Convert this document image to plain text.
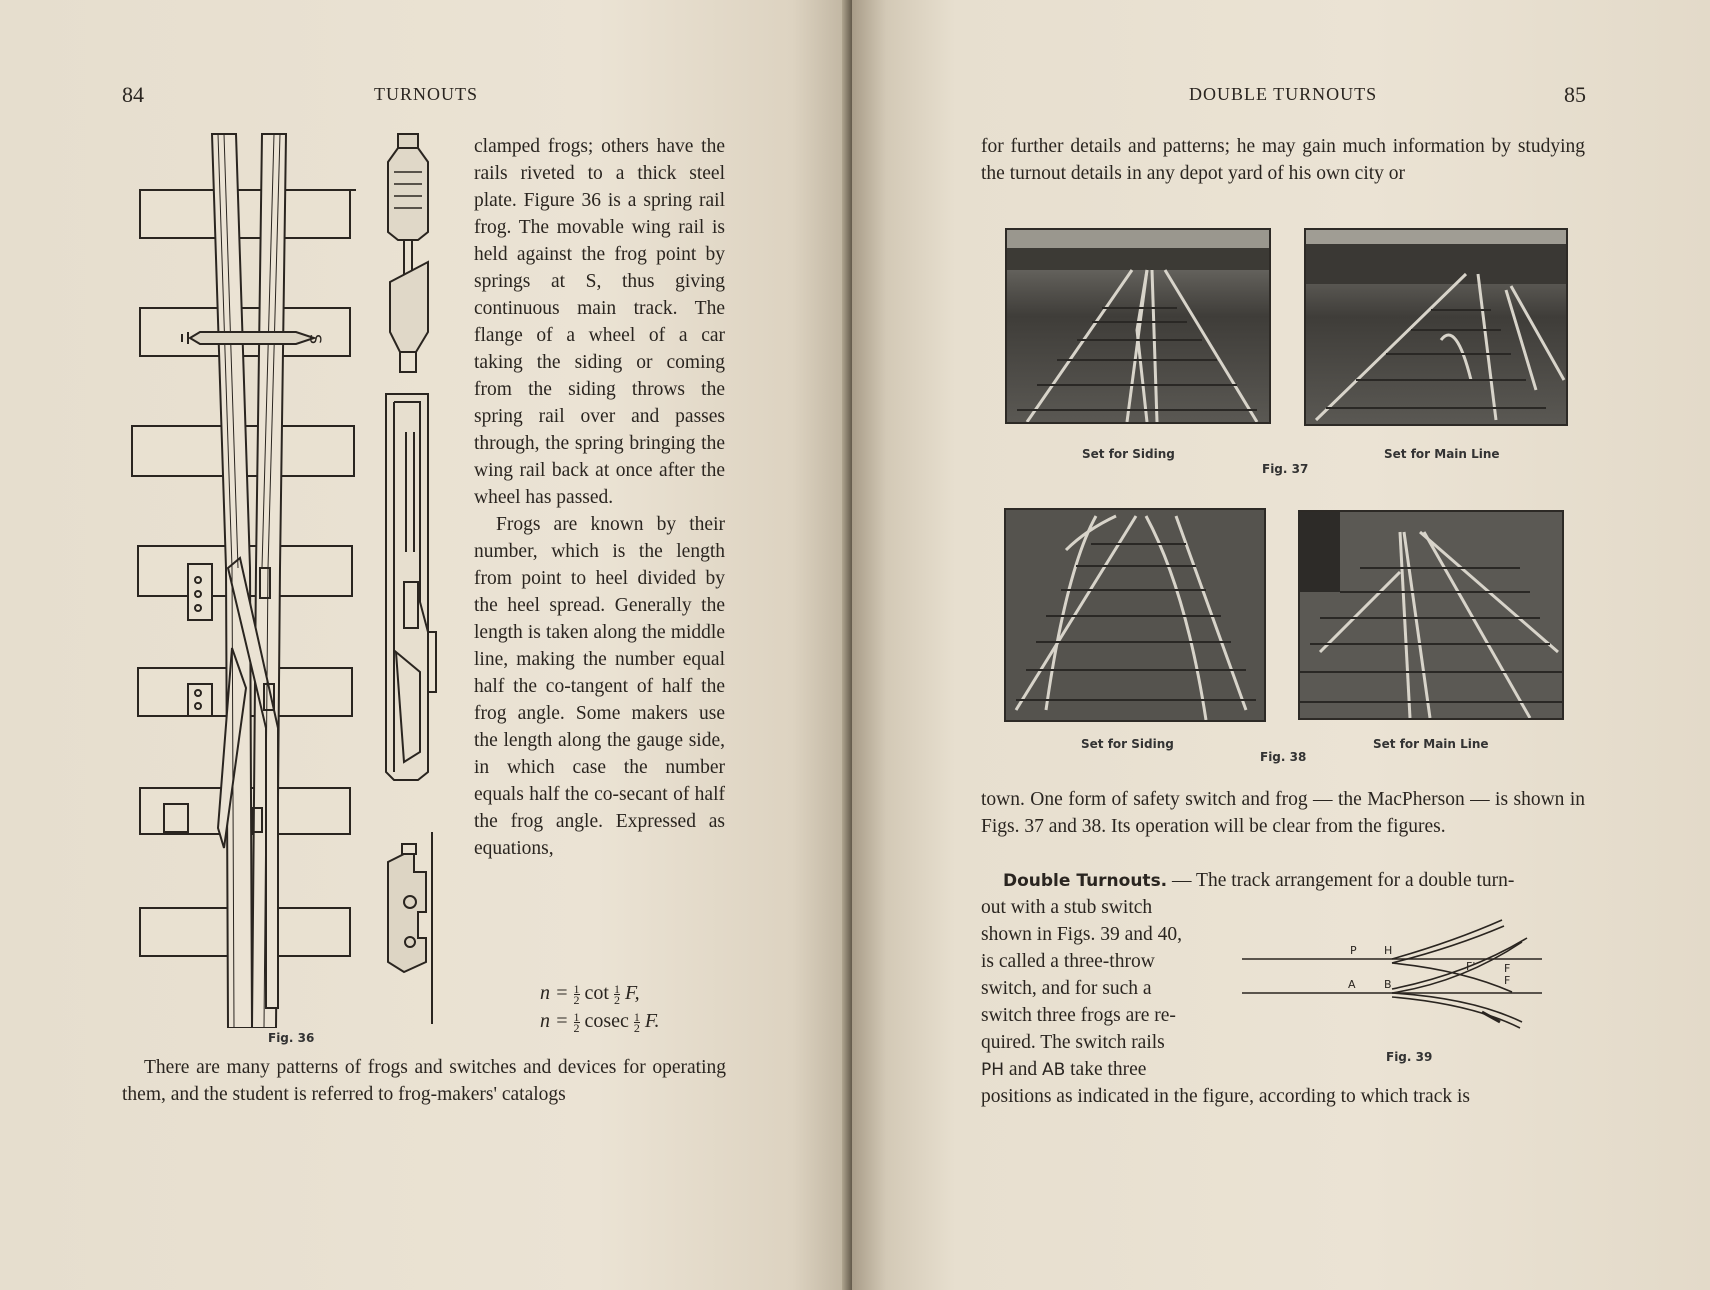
84	TURNOUTS
S
Fig. 36

clamped frogs; others have the rails riveted to a thick steel plate. Figure 36 is a spring rail frog. The movable wing rail is held against the frog point by springs at S, thus giving continuous main track. The flange of a wheel of a car taking the siding or coming from the siding throws the spring rail over and passes through, the spring bringing the wing rail back at once after the wheel has passed.

Frogs are known by their number, which is the length from point to heel divided by the heel spread. Generally the length is taken along the middle line, making the number equal half the co-tangent of half the frog angle. Some makers use the length along the gauge side, in which case the number equals half the co-secant of half the frog angle. Expressed as equations,

$n = \frac{1}{2}$ $\cot \frac{1}{2} F$,
$n = \frac{1}{2}$ cosec $\frac{1}{2} F$.
There are many patterns of frogs and switches and devices for operating them, and the student is referred to frog-makers' catalogs
DOUBLE TURNOUTS	85
for further details and patterns; he may gain much information by studying the turnout details in any depot yard of his own city or
Set for Siding	Set for Main Line
Fig. 37
Set for Siding	Set for Main Line
Fig. 38
town. One form of safety switch and frog — the MacPherson — is shown in Figs. 37 and 38. Its operation will be clear from the figures.
Double Turnouts. — The track arrangement for a double turn-

out with a stub switch

shown in Figs. 39 and 40,

is called a three-throw

switch, and for such a

switch three frogs are re-

quired. The switch rails

PH and AB take three

P H
A	B
F'	F
F
Fig. 39
positions as indicated in the figure, according to which track is
